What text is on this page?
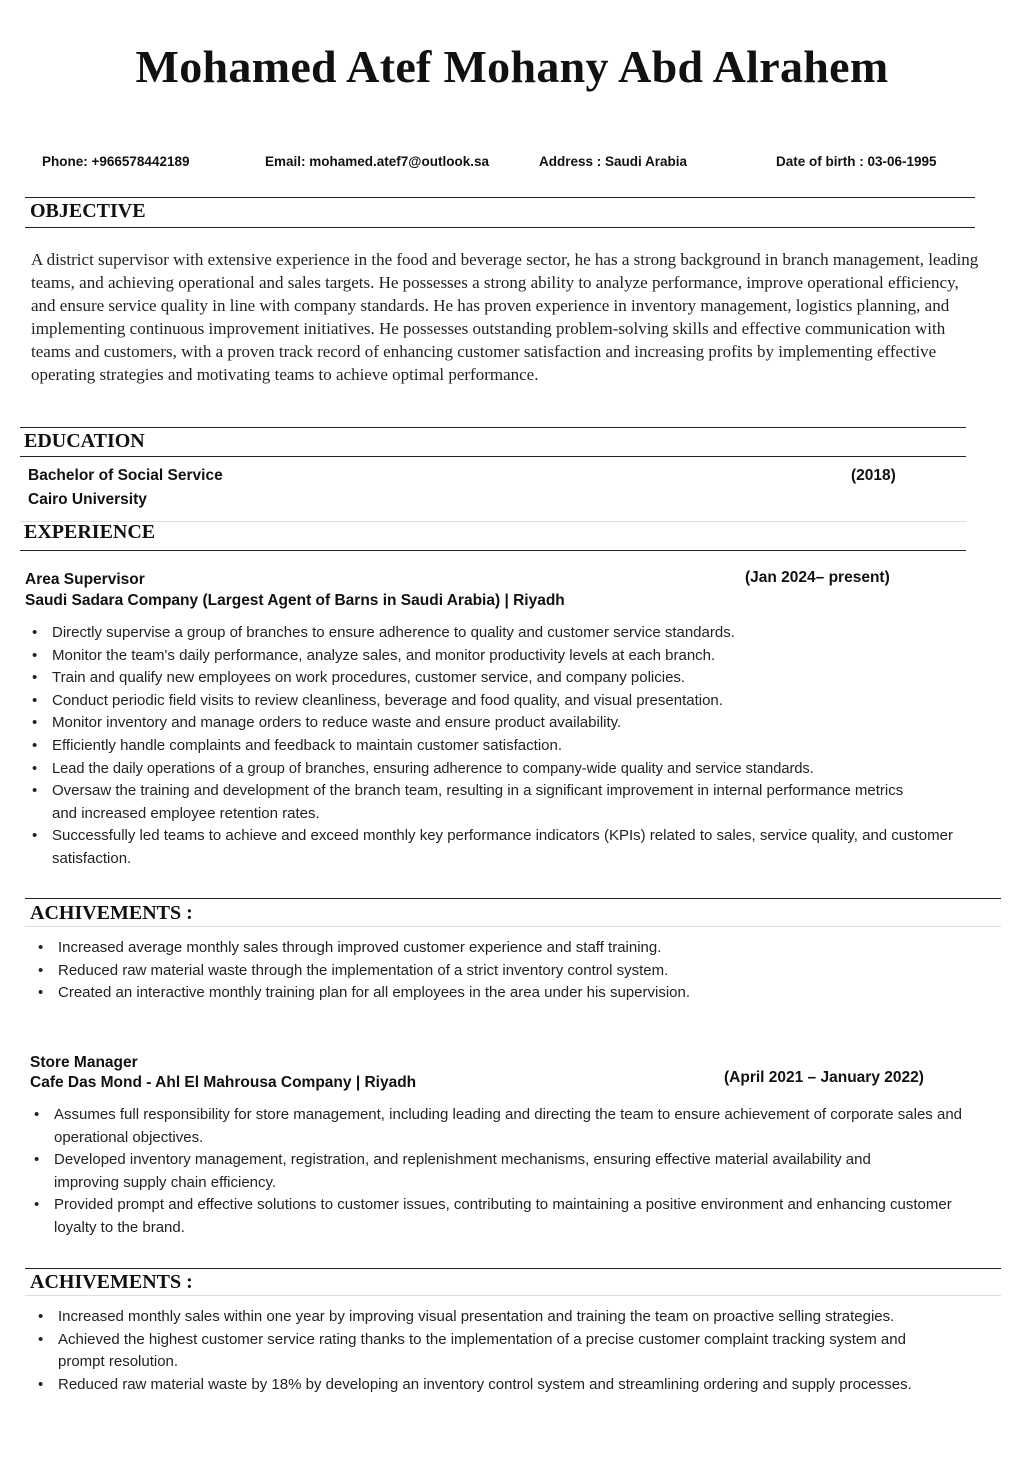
Mohamed Atef Mohany Abd Alrahem
Phone: +966578442189	Email: mohamed.atef7@outlook.sa	Address : Saudi Arabia	Date of birth : 03-06-1995
OBJECTIVE
A district supervisor with extensive experience in the food and beverage sector, he has a strong background in branch management, leading teams, and achieving operational and sales targets. He possesses a strong ability to analyze performance, improve operational efficiency, and ensure service quality in line with company standards. He has proven experience in inventory management, logistics planning, and implementing continuous improvement initiatives. He possesses outstanding problem-solving skills and effective communication with teams and customers, with a proven track record of enhancing customer satisfaction and increasing profits by implementing effective operating strategies and motivating teams to achieve optimal performance.
EDUCATION
Bachelor of Social Service	(2018)
Cairo University
EXPERIENCE
Area Supervisor	(Jan 2024– present)
Saudi Sadara Company (Largest Agent of Barns in Saudi Arabia) | Riyadh
• Directly supervise a group of branches to ensure adherence to quality and customer service standards.
• Monitor the team's daily performance, analyze sales, and monitor productivity levels at each branch.
• Train and qualify new employees on work procedures, customer service, and company policies.
• Conduct periodic field visits to review cleanliness, beverage and food quality, and visual presentation.
• Monitor inventory and manage orders to reduce waste and ensure product availability.
• Efficiently handle complaints and feedback to maintain customer satisfaction.
• Lead the daily operations of a group of branches, ensuring adherence to company-wide quality and service standards.
• Oversaw the training and development of the branch team, resulting in a significant improvement in internal performance metrics and increased employee retention rates.
• Successfully led teams to achieve and exceed monthly key performance indicators (KPIs) related to sales, service quality, and customer satisfaction.
ACHIVEMENTS :
• Increased average monthly sales through improved customer experience and staff training.
• Reduced raw material waste through the implementation of a strict inventory control system.
• Created an interactive monthly training plan for all employees in the area under his supervision.
Store Manager
(April 2021 – January 2022)
Cafe Das Mond - Ahl El Mahrousa Company | Riyadh
• Assumes full responsibility for store management, including leading and directing the team to ensure achievement of corporate sales and operational objectives.
• Developed inventory management, registration, and replenishment mechanisms, ensuring effective material availability and improving supply chain efficiency.
• Provided prompt and effective solutions to customer issues, contributing to maintaining a positive environment and enhancing customer loyalty to the brand.
ACHIVEMENTS :
• Increased monthly sales within one year by improving visual presentation and training the team on proactive selling strategies.
• Achieved the highest customer service rating thanks to the implementation of a precise customer complaint tracking system and prompt resolution.
• Reduced raw material waste by 18% by developing an inventory control system and streamlining ordering and supply processes.
